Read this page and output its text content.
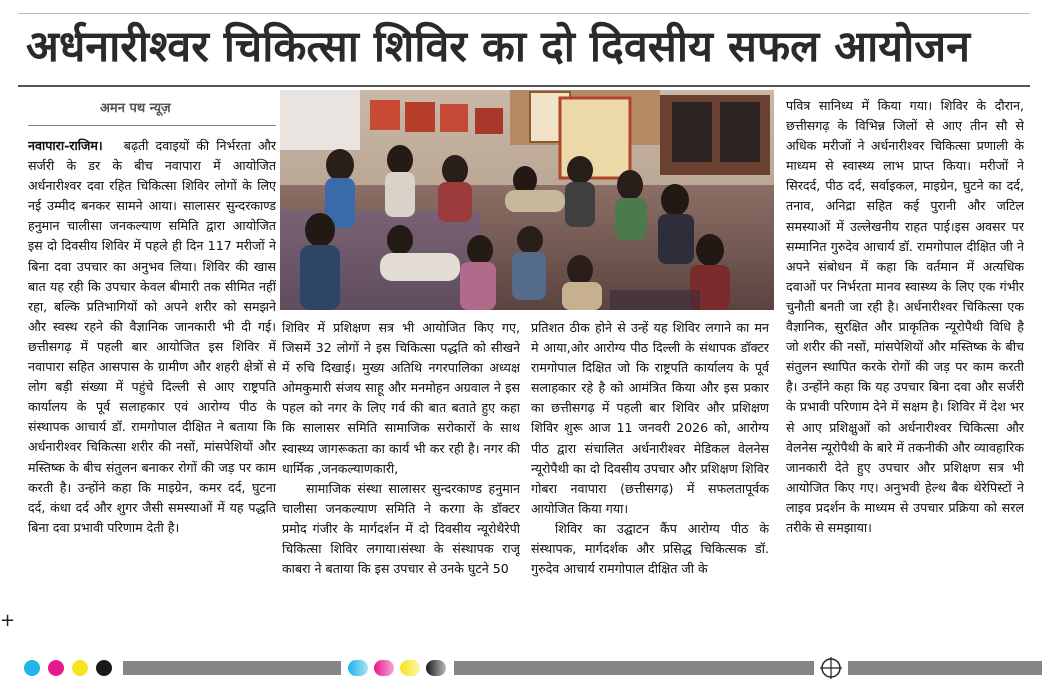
अर्धनारीश्वर चिकित्सा शिविर का दो दिवसीय सफल आयोजन
अमन पथ न्यूज़

नवापारा-राजिम। बढ़ती दवाइयों की निर्भरता और सर्जरी के डर के बीच नवापारा में आयोजित अर्धनारीश्वर दवा रहित चिकित्सा शिविर लोगों के लिए नई उम्मीद बनकर सामने आया। सालासर सुन्दरकाण्ड हनुमान चालीसा जनकल्याण समिति द्वारा आयोजित इस दो दिवसीय शिविर में पहले ही दिन 117 मरीजों ने बिना दवा उपचार का अनुभव लिया। शिविर की खास बात यह रही कि उपचार केवल बीमारी तक सीमित नहीं रहा, बल्कि प्रतिभागियों को अपने शरीर को समझने और स्वस्थ रहने की वैज्ञानिक जानकारी भी दी गई। छत्तीसगढ़ में पहली बार आयोजित इस शिविर में नवापारा सहित आसपास के ग्रामीण और शहरी क्षेत्रों से लोग बड़ी संख्या में पहुंचे दिल्ली से आए राष्ट्रपति कार्यालय के पूर्व सलाहकार एवं आरोग्य पीठ के संस्थापक आचार्य डॉ. रामगोपाल दीक्षित ने बताया कि अर्धनारीश्वर चिकित्सा शरीर की नसों, मांसपेशियों और मस्तिष्क के बीच संतुलन बनाकर रोगों की जड़ पर काम करती है। उन्होंने कहा कि माइग्रेन, कमर दर्द, घुटना दर्द, कंधा दर्द और शुगर जैसी समस्याओं में यह पद्धति बिना दवा प्रभावी परिणाम देती है।

शिविर में प्रशिक्षण सत्र भी आयोजित किए गए, जिसमें 32 लोगों ने इस चिकित्सा पद्धति को सीखने में रुचि दिखाई। मुख्य अतिथि नगरपालिका अध्यक्ष ओमकुमारी संजय साहू और मनमोहन अग्रवाल ने इस पहल को नगर के लिए गर्व की बात बताते हुए कहा कि सालासर समिति सामाजिक सरोकारों के साथ स्वास्थ्य जागरूकता का कार्य भी कर रही है। नगर की धार्मिक ,जनकल्याणकारी,

सामाजिक संस्था सालासर सुन्दरकाण्ड हनुमान चालीसा जनकल्याण समिति ने करगा के डॉक्टर प्रमोद गंजीर के मार्गदर्शन में दो दिवसीय न्यूरोथैरेपी चिकित्सा शिविर लगाया।संस्था के संस्थापक राजू काबरा ने बताया कि इस उपचार से उनके घुटने 50

प्रतिशत ठीक होने से उन्हें यह शिविर लगाने का मन मे आया,ओर आरोग्य पीठ दिल्ली के संथापक डॉक्टर रामगोपाल दिक्षित जो कि राष्ट्रपति कार्यालय के पूर्व सलाहकार रहे है को आमंत्रित किया और इस प्रकार का छत्तीसगढ़ में पहली बार शिविर और प्रशिक्षण शिविर शुरू आज 11 जनवरी 2026 को, आरोग्य पीठ द्वारा संचालित अर्धनारीश्वर मेडिकल वेलनेस न्यूरोपैथी का दो दिवसीय उपचार और प्रशिक्षण शिविर गोबरा नवापारा (छत्तीसगढ़) में सफलतापूर्वक आयोजित किया गया।

शिविर का उद्घाटन कैंप आरोग्य पीठ के संस्थापक, मार्गदर्शक और प्रसिद्ध चिकित्सक डॉ. गुरुदेव आचार्य रामगोपाल दीक्षित जी के

पवित्र सानिध्य में किया गया। शिविर के दौरान, छत्तीसगढ़ के विभिन्न जिलों से आए तीन सौ से अधिक मरीजों ने अर्धनारीश्वर चिकित्सा प्रणाली के माध्यम से स्वास्थ्य लाभ प्राप्त किया। मरीजों ने सिरदर्द, पीठ दर्द, सर्वाइकल, माइग्रेन, घुटने का दर्द, तनाव, अनिद्रा सहित कई पुरानी और जटिल समस्याओं में उल्लेखनीय राहत पाई।इस अवसर पर सम्मानित गुरुदेव आचार्य डॉ. रामगोपाल दीक्षित जी ने अपने संबोधन में कहा कि वर्तमान में अत्यधिक दवाओं पर निर्भरता मानव स्वास्थ्य के लिए एक गंभीर चुनौती बनती जा रही है। अर्धनारीश्वर चिकित्सा एक वैज्ञानिक, सुरक्षित और प्राकृतिक न्यूरोपैथी विधि है जो शरीर की नसों, मांसपेशियों और मस्तिष्क के बीच संतुलन स्थापित करके रोगों की जड़ पर काम करती है। उन्होंने कहा कि यह उपचार बिना दवा और सर्जरी के प्रभावी परिणाम देने में सक्षम है। शिविर में देश भर से आए प्रशिक्षुओं को अर्धनारीश्वर चिकित्सा और वेलनेस न्यूरोपैथी के बारे में तकनीकी और व्यावहारिक जानकारी देते हुए उपचार और प्रशिक्षण सत्र भी आयोजित किए गए। अनुभवी हेल्थ बैक थेरेपिस्टों ने लाइव प्रदर्शन के माध्यम से उपचार प्रक्रिया को सरल तरीके से समझाया।

+
